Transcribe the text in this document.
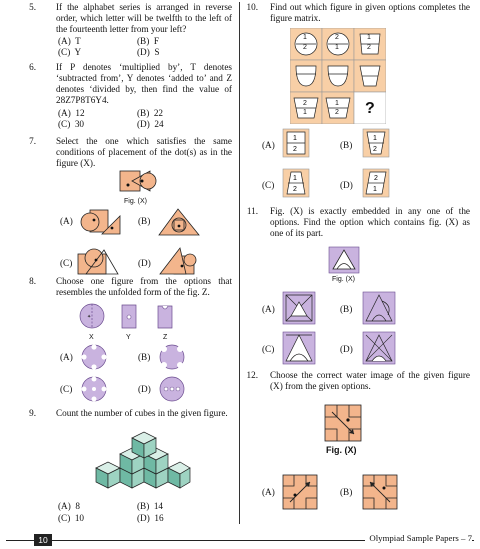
5. If the alphabet series is arranged in reverse order, which letter will be twelfth to the left of the fourteenth letter from your left?
(A)  T	(B)  F
(C)  Y	(D)  S
6. If P denotes ‘multiplied by’, T denotes ‘subtracted from’, Y denotes ‘added to’ and Z denotes ‘divided by, then find the value of 28Z7P8T6Y4.
(A)  12	(B)  22
(C)  30	(D)  24
7. Select the one which satisfies the same conditions of placement of the dot(s) as in the figure (X).
Fig. (X)
(A)	(B)
(C)	(D)
8. Choose one figure from the options that resembles the unfolded form of the fig. Z.
✦
X	Y	Z
(A)	(B)
(C)	(D)
9. Count the number of cubes in the given figure.
(A)  8	(B)  14
(C)  10	(D)  16
10. Find out which figure in given options completes the figure matrix.
1
2
2
1
1
2
2
1
1
2 ?
(A)
1
2	(B)
1
2
(C)
1
2	(D)
2
1
11. Fig. (X) is exactly embedded in any one of the options. Find the option which contains fig. (X) as one of its part.
Fig. (X)
(A)	(B)
(C)	(D)
12. Choose the correct water image of the given figure (X) from the given options.
Fig. (X)
(A)	(B)
10	Olympiad Sample Papers – 7
